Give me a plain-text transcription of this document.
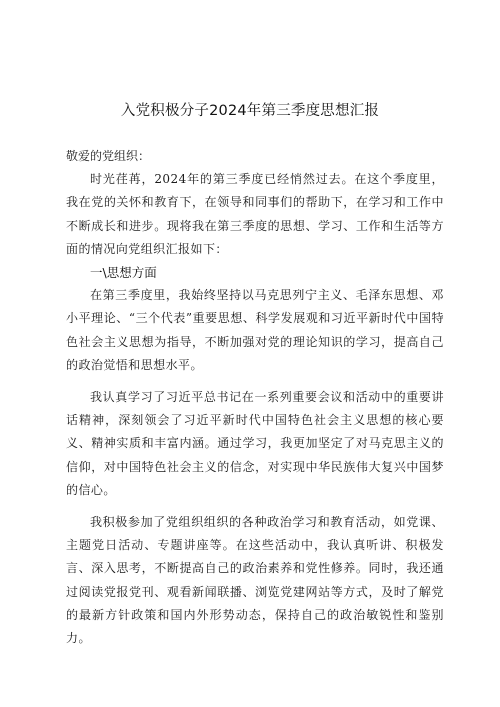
入党积极分子2024年第三季度思想汇报

敬爱的党组织：

时光荏苒，2024年的第三季度已经悄然过去。在这个季度里，我在党的关怀和教育下，在领导和同事们的帮助下，在学习和工作中不断成长和进步。现将我在第三季度的思想、学习、工作和生活等方面的情况向党组织汇报如下：

一\思想方面

在第三季度里，我始终坚持以马克思列宁主义、毛泽东思想、邓小平理论、“三个代表”重要思想、科学发展观和习近平新时代中国特色社会主义思想为指导，不断加强对党的理论知识的学习，提高自己的政治觉悟和思想水平。

我认真学习了习近平总书记在一系列重要会议和活动中的重要讲话精神，深刻领会了习近平新时代中国特色社会主义思想的核心要义、精神实质和丰富内涵。通过学习，我更加坚定了对马克思主义的信仰，对中国特色社会主义的信念，对实现中华民族伟大复兴中国梦的信心。

我积极参加了党组织组织的各种政治学习和教育活动，如党课、主题党日活动、专题讲座等。在这些活动中，我认真听讲、积极发言、深入思考，不断提高自己的政治素养和党性修养。同时，我还通过阅读党报党刊、观看新闻联播、浏览党建网站等方式，及时了解党的最新方针政策和国内外形势动态，保持自己的政治敏锐性和鉴别力。
